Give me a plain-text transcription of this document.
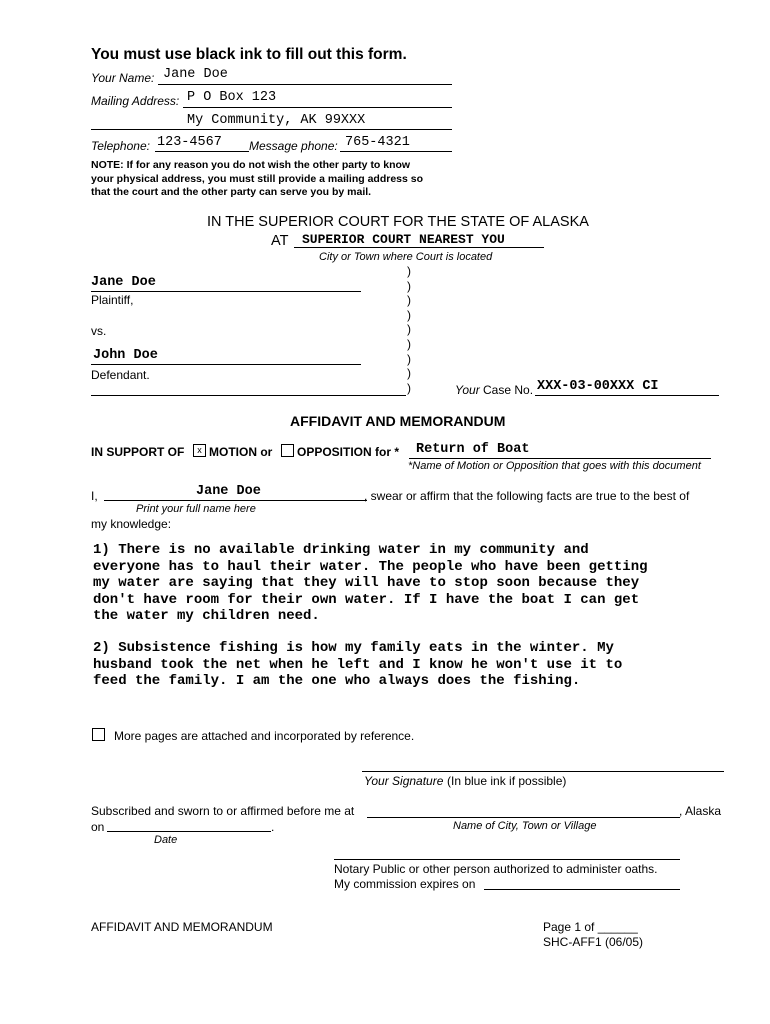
You must use black ink to fill out this form.
Your Name: Jane Doe
Mailing Address: P O Box 123
My Community, AK 99XXX
Telephone: 123-4567 Message phone: 765-4321
NOTE: If for any reason you do not wish the other party to know
your physical address, you must still provide a mailing address so
that the court and the other party can serve you by mail.
IN THE SUPERIOR COURT FOR THE STATE OF ALASKA
AT SUPERIOR COURT NEAREST YOU
City or Town where Court is located
Jane Doe
Plaintiff,
vs.
John Doe
Defendant.
)
)
)
)
)
)
)
)
)	Your Case No. XXX-03-00XXX CI
AFFIDAVIT AND MEMORANDUM
IN SUPPORT OF	x MOTION or OPPOSITION for * Return of Boat
*Name of Motion or Opposition that goes with this document
I,	Jane Doe	, swear or affirm that the following facts are true to the best of
Print your full name here
my knowledge:
1) There is no available drinking water in my community and
everyone has to haul their water. The people who have been getting
my water are saying that they will have to stop soon because they
don't have room for their own water. If I have the boat I can get
the water my children need.
2) Subsistence fishing is how my family eats in the winter. My
husband took the net when he left and I know he won't use it to
feed the family. I am the one who always does the fishing.
More pages are attached and incorporated by reference.
Your Signature (In blue ink if possible)
Subscribed and sworn to or affirmed before me at	, Alaska
on	.	Name of City, Town or Village
Date
Notary Public or other person authorized to administer oaths.
My commission expires on
AFFIDAVIT AND MEMORANDUM	Page 1 of ______
SHC-AFF1 (06/05)
